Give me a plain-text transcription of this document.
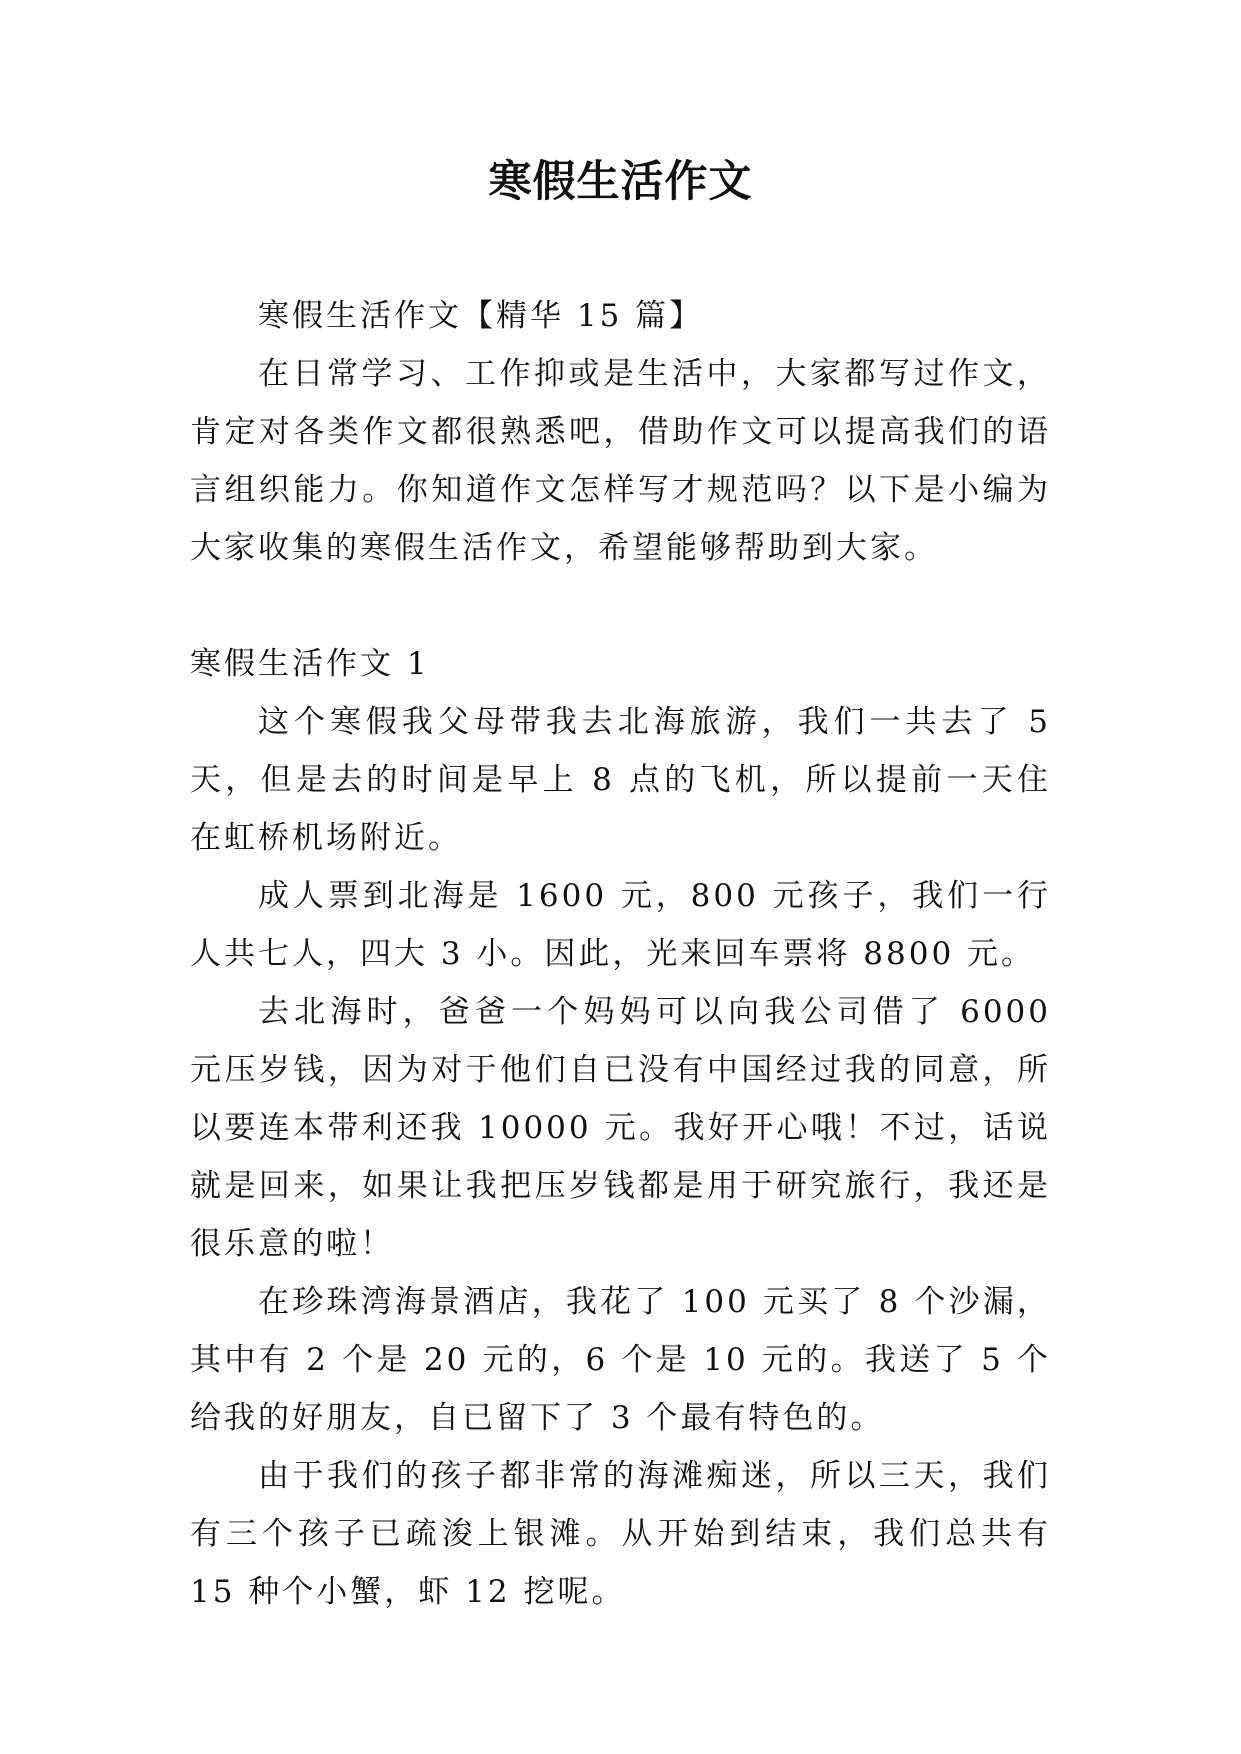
寒假生活作文

寒假生活作文【精华 15 篇】

在日常学习、工作抑或是生活中，大家都写过作文，肯定对各类作文都很熟悉吧，借助作文可以提高我们的语言组织能力。你知道作文怎样写才规范吗？以下是小编为大家收集的寒假生活作文，希望能够帮助到大家。

寒假生活作文 1

这个寒假我父母带我去北海旅游，我们一共去了 5 天，但是去的时间是早上 8 点的飞机，所以提前一天住在虹桥机场附近。

成人票到北海是 1600 元，800 元孩子，我们一行人共七人，四大 3 小。因此，光来回车票将 8800 元。

去北海时，爸爸一个妈妈可以向我公司借了 6000 元压岁钱，因为对于他们自已没有中国经过我的同意，所以要连本带利还我 10000 元。我好开心哦！不过，话说就是回来，如果让我把压岁钱都是用于研究旅行，我还是很乐意的啦！

在珍珠湾海景酒店，我花了 100 元买了 8 个沙漏，其中有 2 个是 20 元的，6 个是 10 元的。我送了 5 个给我的好朋友，自已留下了 3 个最有特色的。

由于我们的孩子都非常的海滩痴迷，所以三天，我们有三个孩子已疏浚上银滩。从开始到结束，我们总共有 15 种个小蟹，虾 12 挖呢。
